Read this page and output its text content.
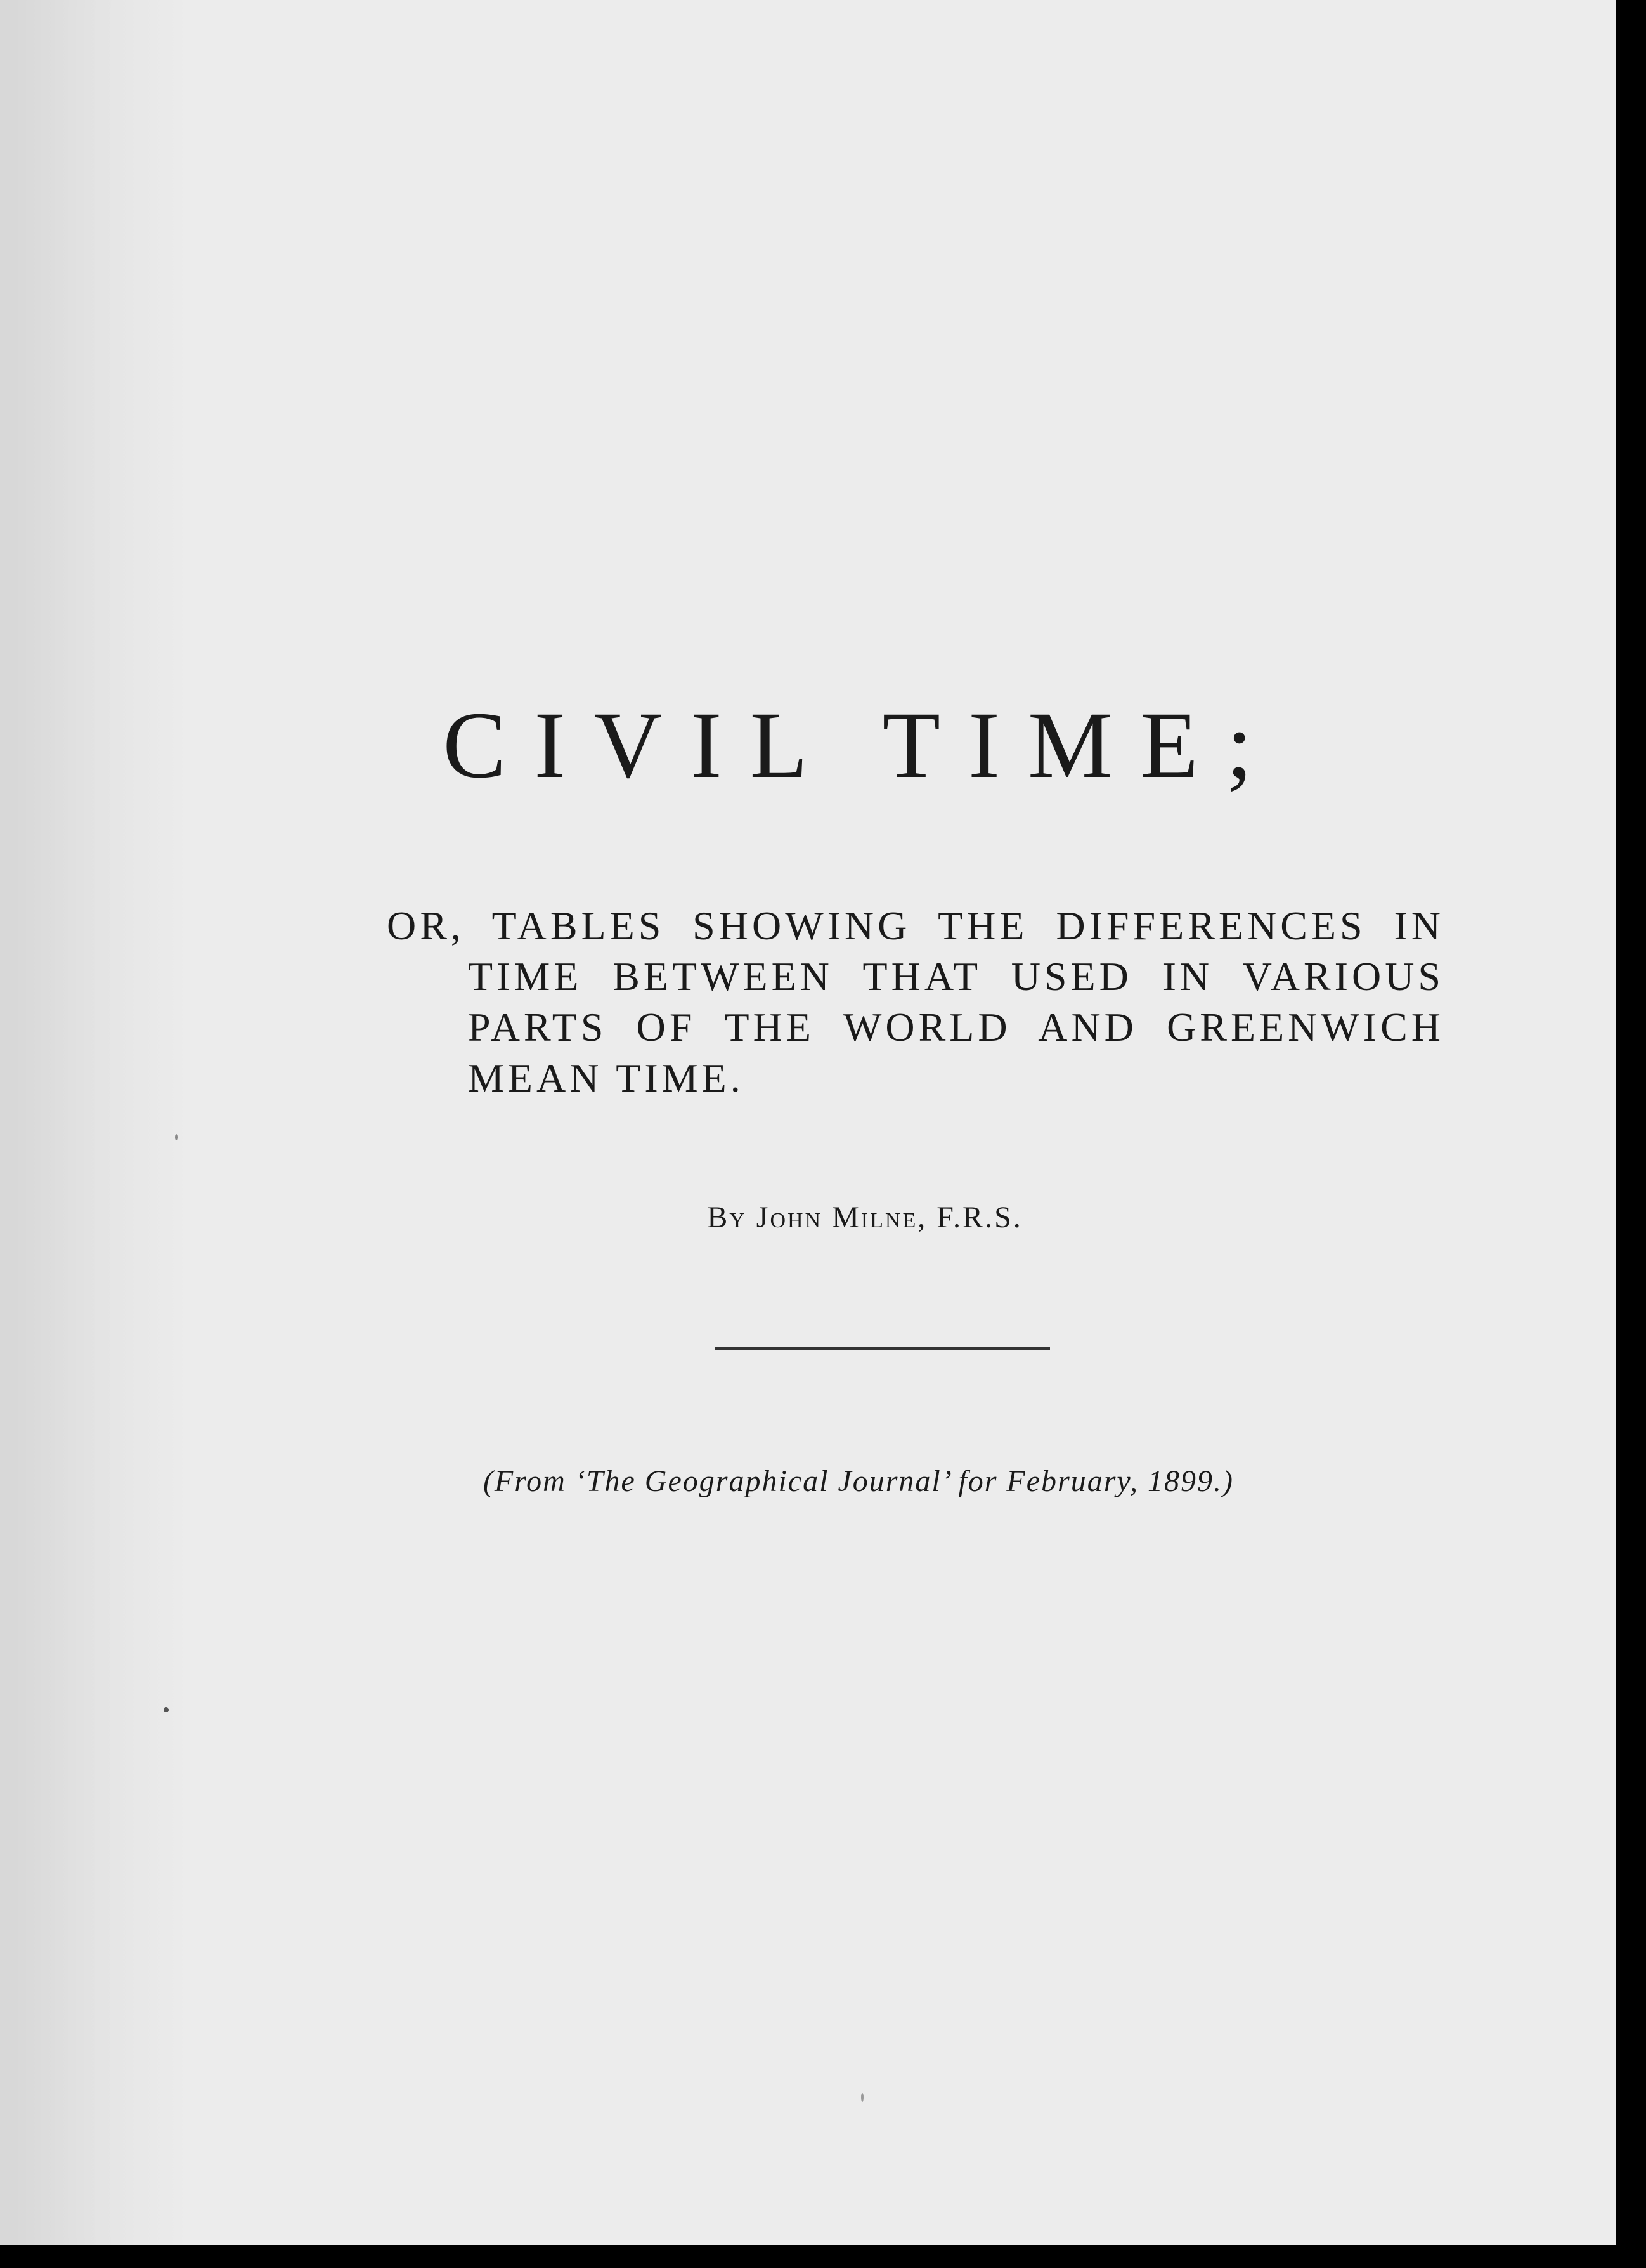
CIVIL TIME;

OR, TABLES SHOWING THE DIFFERENCES IN TIME BETWEEN THAT USED IN VARIOUS PARTS OF THE WORLD AND GREENWICH MEAN TIME.

By John Milne, F.R.S.

(From ‘The Geographical Journal’ for February, 1899.)
